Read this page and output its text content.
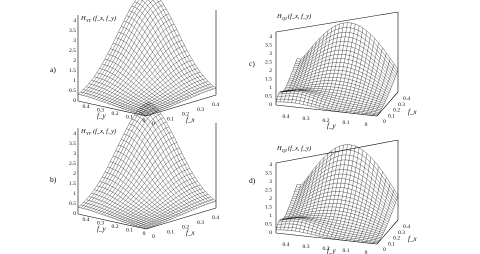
a)
H YY (f_x, f_y)
0
0.5
1
1.5
2
2.5
3
3.5
4
0.4
0.3
0.2
0.1
0 0
0.1
0.2
0.3
0.4
f_y	f_x
b)
H YY (f_x, f_y)
0
0.5
1
1.5
2
2.5
3
3.5
4
0.4
0.3
0.2
0.1
0 0
0.1
0.2
0.3
0.4
f_y	f_x
c)
H QI (f_x, f_y)
0
0.5
1
1.5
2
2.5
3
3.5
4
0.4 0.3 0.2 0.1	0	0
0.1
0.2
0.3
0.4
f_y
f_x
d)
H QI (f_x, f_y)
0
0.5
1
1.5
2
2.5
3
3.5
4
0.4 0.3 0.2 0.1	0	0
0.1
0.2
0.3
0.4
f_y
f_x
